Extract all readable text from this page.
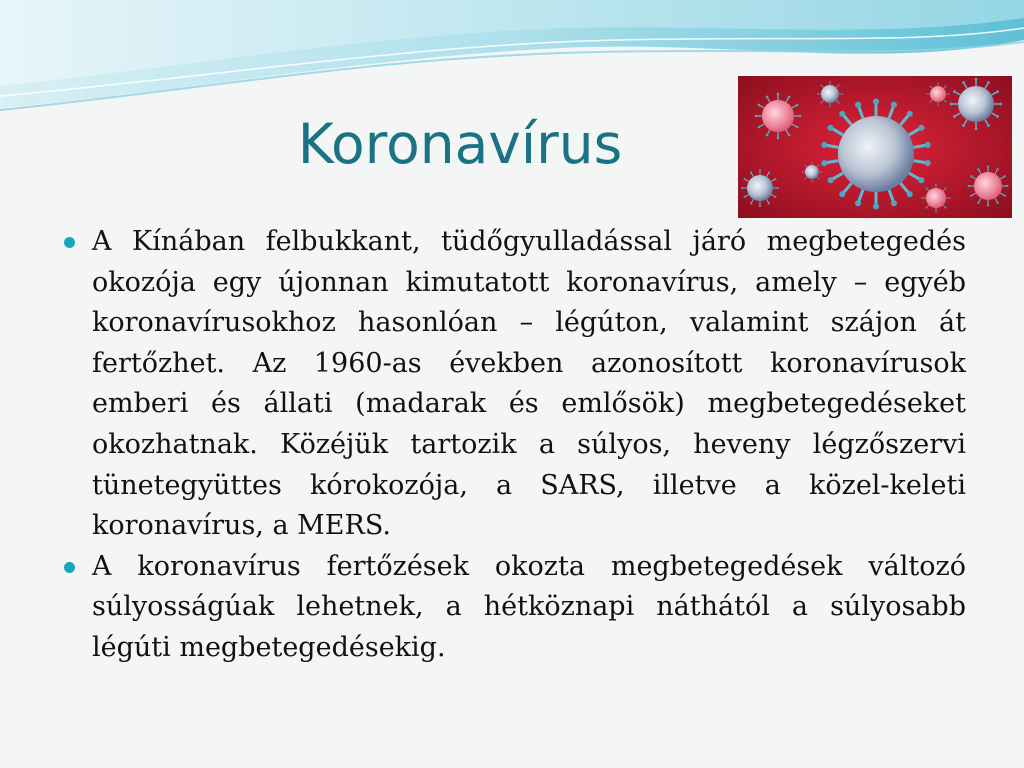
Koronavírus
A Kínában felbukkant, tüdőgyulladással járó megbetegedés okozója egy újonnan kimutatott koronavírus, amely – egyéb koronavírusokhoz hasonlóan – légúton, valamint szájon át fertőzhet. Az 1960-as években azonosított koronavírusok emberi és állati (madarak és emlősök) megbetegedéseket okozhatnak. Közéjük tartozik a súlyos, heveny légzőszervi tünetegyüttes kórokozója, a SARS, illetve a közel-keleti koronavírus, a MERS.
A koronavírus fertőzések okozta megbetegedések változó súlyosságúak lehetnek, a hétköznapi náthától a súlyosabb légúti megbetegedésekig.
